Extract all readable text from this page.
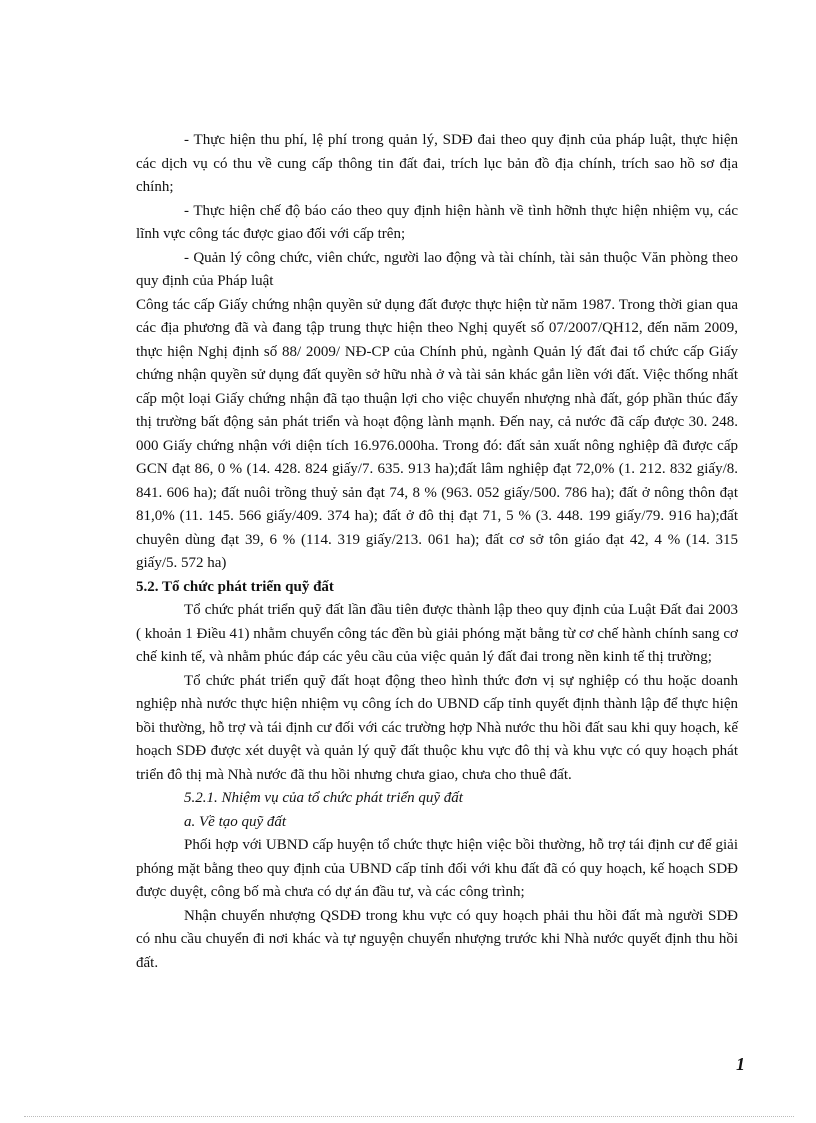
- Thực hiện thu phí, lệ phí trong quản lý, SDĐ đai theo quy định của pháp luật, thực hiện các dịch vụ có thu về cung cấp thông tin đất đai, trích lục bản đồ địa chính, trích sao hồ sơ địa chính;

- Thực hiện chế độ báo cáo theo quy định hiện hành về tình hỡnh thực hiện nhiệm vụ, các lĩnh vực công tác được giao đối với cấp trên;

- Quản lý công chức, viên chức, người lao động và tài chính, tài sản thuộc Văn phòng theo quy định của Pháp luật

Công tác cấp Giấy chứng nhận quyền sử dụng đất được thực hiện từ năm 1987. Trong thời gian qua các địa phương đã và đang tập trung thực hiện theo Nghị quyết số 07/2007/QH12, đến năm 2009, thực hiện Nghị định số 88/ 2009/ NĐ-CP của Chính phủ, ngành Quản lý đất đai tổ chức cấp Giấy chứng nhận quyền sử dụng đất quyền sở hữu nhà ở và tài sản khác gắn liền với đất. Việc thống nhất cấp một loại Giấy chứng nhận đã tạo thuận lợi cho việc chuyển nhượng nhà đất, góp phần thúc đẩy thị trường bất động sản phát triển và hoạt động lành mạnh. Đến nay, cả nước đã cấp được 30. 248. 000 Giấy chứng nhận với diện tích 16.976.000ha. Trong đó: đất sản xuất nông nghiệp đã được cấp GCN đạt 86, 0 % (14. 428. 824 giấy/7. 635. 913 ha);đất lâm nghiệp đạt 72,0% (1. 212. 832 giấy/8. 841. 606 ha); đất nuôi trồng thuỷ sản đạt 74, 8 % (963. 052 giấy/500. 786 ha); đất ở nông thôn đạt 81,0% (11. 145. 566 giấy/409. 374 ha); đất ở đô thị đạt 71, 5 % (3. 448. 199 giấy/79. 916 ha);đất chuyên dùng đạt 39, 6 % (114. 319 giấy/213. 061 ha); đất cơ sở tôn giáo đạt 42, 4 % (14. 315 giấy/5. 572 ha)

5.2. Tổ chức phát triển quỹ đất

Tổ chức phát triển quỹ đất lần đầu tiên được thành lập theo quy định của Luật Đất đai 2003 ( khoản 1 Điều 41) nhằm chuyển công tác đền bù giải phóng mặt bằng từ cơ chế hành chính sang cơ chế kinh tế, và nhằm phúc đáp các yêu cầu của việc quản lý đất đai trong nền kinh tế thị trường;

Tổ chức phát triển quỹ đất hoạt động theo hình thức đơn vị sự nghiệp có thu hoặc doanh nghiệp nhà nước thực hiện nhiệm vụ công ích do UBND cấp tỉnh quyết định thành lập để thực hiện bồi thường, hỗ trợ và tái định cư đối với các trường hợp Nhà nước thu hồi đất sau khi quy hoạch, kế hoạch SDĐ được xét duyệt và quản lý quỹ đất thuộc khu vực đô thị và khu vực có quy hoạch phát triển đô thị mà Nhà nước đã thu hồi nhưng chưa giao, chưa cho thuê đất.

5.2.1. Nhiệm vụ của tổ chức phát triển quỹ đất

a. Về tạo quỹ đất

Phối hợp với UBND cấp huyện tổ chức thực hiện việc bồi thường, hỗ trợ tái định cư để giải phóng mặt bằng theo quy định của UBND cấp tỉnh đối với khu đất đã có quy hoạch, kế hoạch SDĐ được duyệt, công bố mà chưa có dự án đầu tư, và các công trình;

Nhận chuyển nhượng QSDĐ trong khu vực có quy hoạch phải thu hồi đất mà người SDĐ có nhu cầu chuyển đi nơi khác và tự nguyện chuyển nhượng trước khi Nhà nước quyết định thu hồi đất.

1
